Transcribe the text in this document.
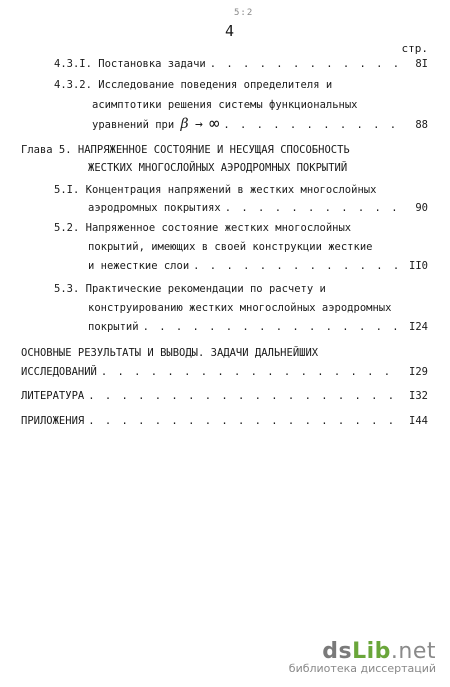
5:2
4
стр.
4.3.I. Постановка задачи . . .	8I
4.3.2. Исследование поведения определителя и
асимптотики решения системы функциональных
уравнений при β → ∞ . . .	88
Глава 5. НАПРЯЖЕННОЕ СОСТОЯНИЕ И НЕСУЩАЯ СПОСОБНОСТЬ
ЖЕСТКИХ МНОГОСЛОЙНЫХ АЭРОДРОМНЫХ ПОКРЫТИЙ
5.I. Концентрация напряжений в жестких многослойных
аэродромных покрытиях . . .	90
5.2. Напряженное состояние жестких многослойных
покрытий, имеющих в своей конструкции жесткие
и нежесткие слои . . .	II0
5.3. Практические рекомендации по расчету и
конструированию жестких многослойных аэродромных
покрытий . . .	I24
ОСНОВНЫЕ РЕЗУЛЬТАТЫ И ВЫВОДЫ. ЗАДАЧИ ДАЛЬНЕЙШИХ
ИССЛЕДОВАНИЙ . . .	I29
ЛИТЕРАТУРА . . .	I32
ПРИЛОЖЕНИЯ . . .	I44
dsLib.net
библиотека диссертаций
